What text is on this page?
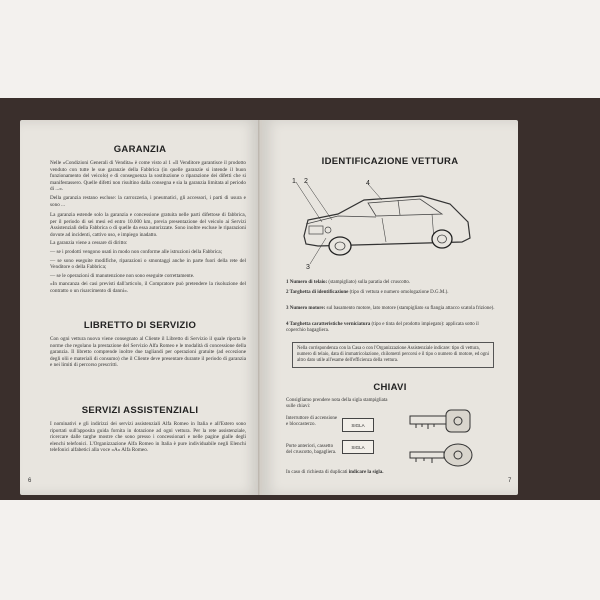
GARANZIA

Nelle «Condizioni Generali di Vendita» è come visto al 1 «Il Venditore garantisce il prodotto venduto con tutte le sue garanzie della Fabbrica (in quelle garanzie si intende il buon funzionamento del veicolo) e di conseguenza la sostituzione o riparazione dei difetti che si manifestassero. Quelle difetti non risultino dalla consegna e sia la garanzia limitata al periodo di ...».

Della garanzia restano escluse: la carrozzeria, i pneumatici, gli accessori, i parti di usura e sono ...

La garanzia estende solo la garanzia e concessione gratuita nelle parti difettose di fabbrica, per il periodo di sei mesi ed entro 10.000 km, previa presentazione del veicolo ai Servizi Assistenziali della Fabbrica o di quelle da essa autorizzate. Sono inoltre escluse le riparazioni dovute ad incidenti, cattivo uso, e impiego inadatto.

La garanzia viene a cessare di diritto:

— se i prodotti vengono usati in modo non conforme alle istruzioni della Fabbrica;

— se sono eseguite modifiche, riparazioni o smontaggi anche in parte fuori della rete del Venditore o della Fabbrica;

— se le operazioni di manutenzione non sono eseguite correttamente.

«In mancanza dei casi previsti dall'articolo, il Compratore può pretendere la risoluzione del contratto o un risarcimento di danni».

LIBRETTO DI SERVIZIO
Con ogni vettura nuova viene consegnato al Cliente il Libretto di Servizio il quale riporta le norme che regolano la prestazione del Servizio Alfa Romeo e le modalità di concessione della garanzia. Il libretto comprende inoltre due tagliandi per operazioni gratuite (ad eccezione degli olii e materiali di consumo) che il Cliente deve presentare durante il periodo di garanzia e nei limiti di percorso prescritti.
SERVIZI ASSISTENZIALI
I nominativi e gli indirizzi dei servizi assistenziali Alfa Romeo in Italia e all'Estero sono riportati sull'apposita guida fornita in dotazione ad ogni vettura. Per la rete assistenziale, ricercare dalle targhe mostre che sono presso i concessionari e nelle pagine gialle degli elenchi telefonici. L'Organizzazione Alfa Romeo in Italia è pure individuabile negli Elenchi telefonici alfabetici alla voce «A» Alfa Romeo.
6
IDENTIFICAZIONE VETTURA
1 2	4
3
1 Numero di telaio: (stampigliato) sulla paratia del cruscotto.
2 Targhetta di identificazione (tipo di vettura e numero omologazione D.G.M.).
3 Numero motore: sul basamento motore, lato motore (stampigliato su flangia attacco scatola frizione).
4 Targhetta caratteristiche verniciatura (tipo e tinta del prodotto impiegato): applicata sotto il coperchio bagagliera.
Nella corrispondenza con la Casa o con l'Organizzazione Assistenziale indicare: tipo di vettura, numero di telaio, data di immatricolazione, chilometri percorsi e il tipo o numero di motore, ed ogni altro dato utile all'esame dell'efficienza della vettura.
CHIAVI
Consigliamo prendere nota della sigla stampigliata sulle chiavi:
Interruttore di accensione e bloccasterzo.	SIGLA
Porte anteriori, cassetto del cruscotto, bagagliera.
SIGLA
In caso di richiesta di duplicati indicare la sigla.
7
